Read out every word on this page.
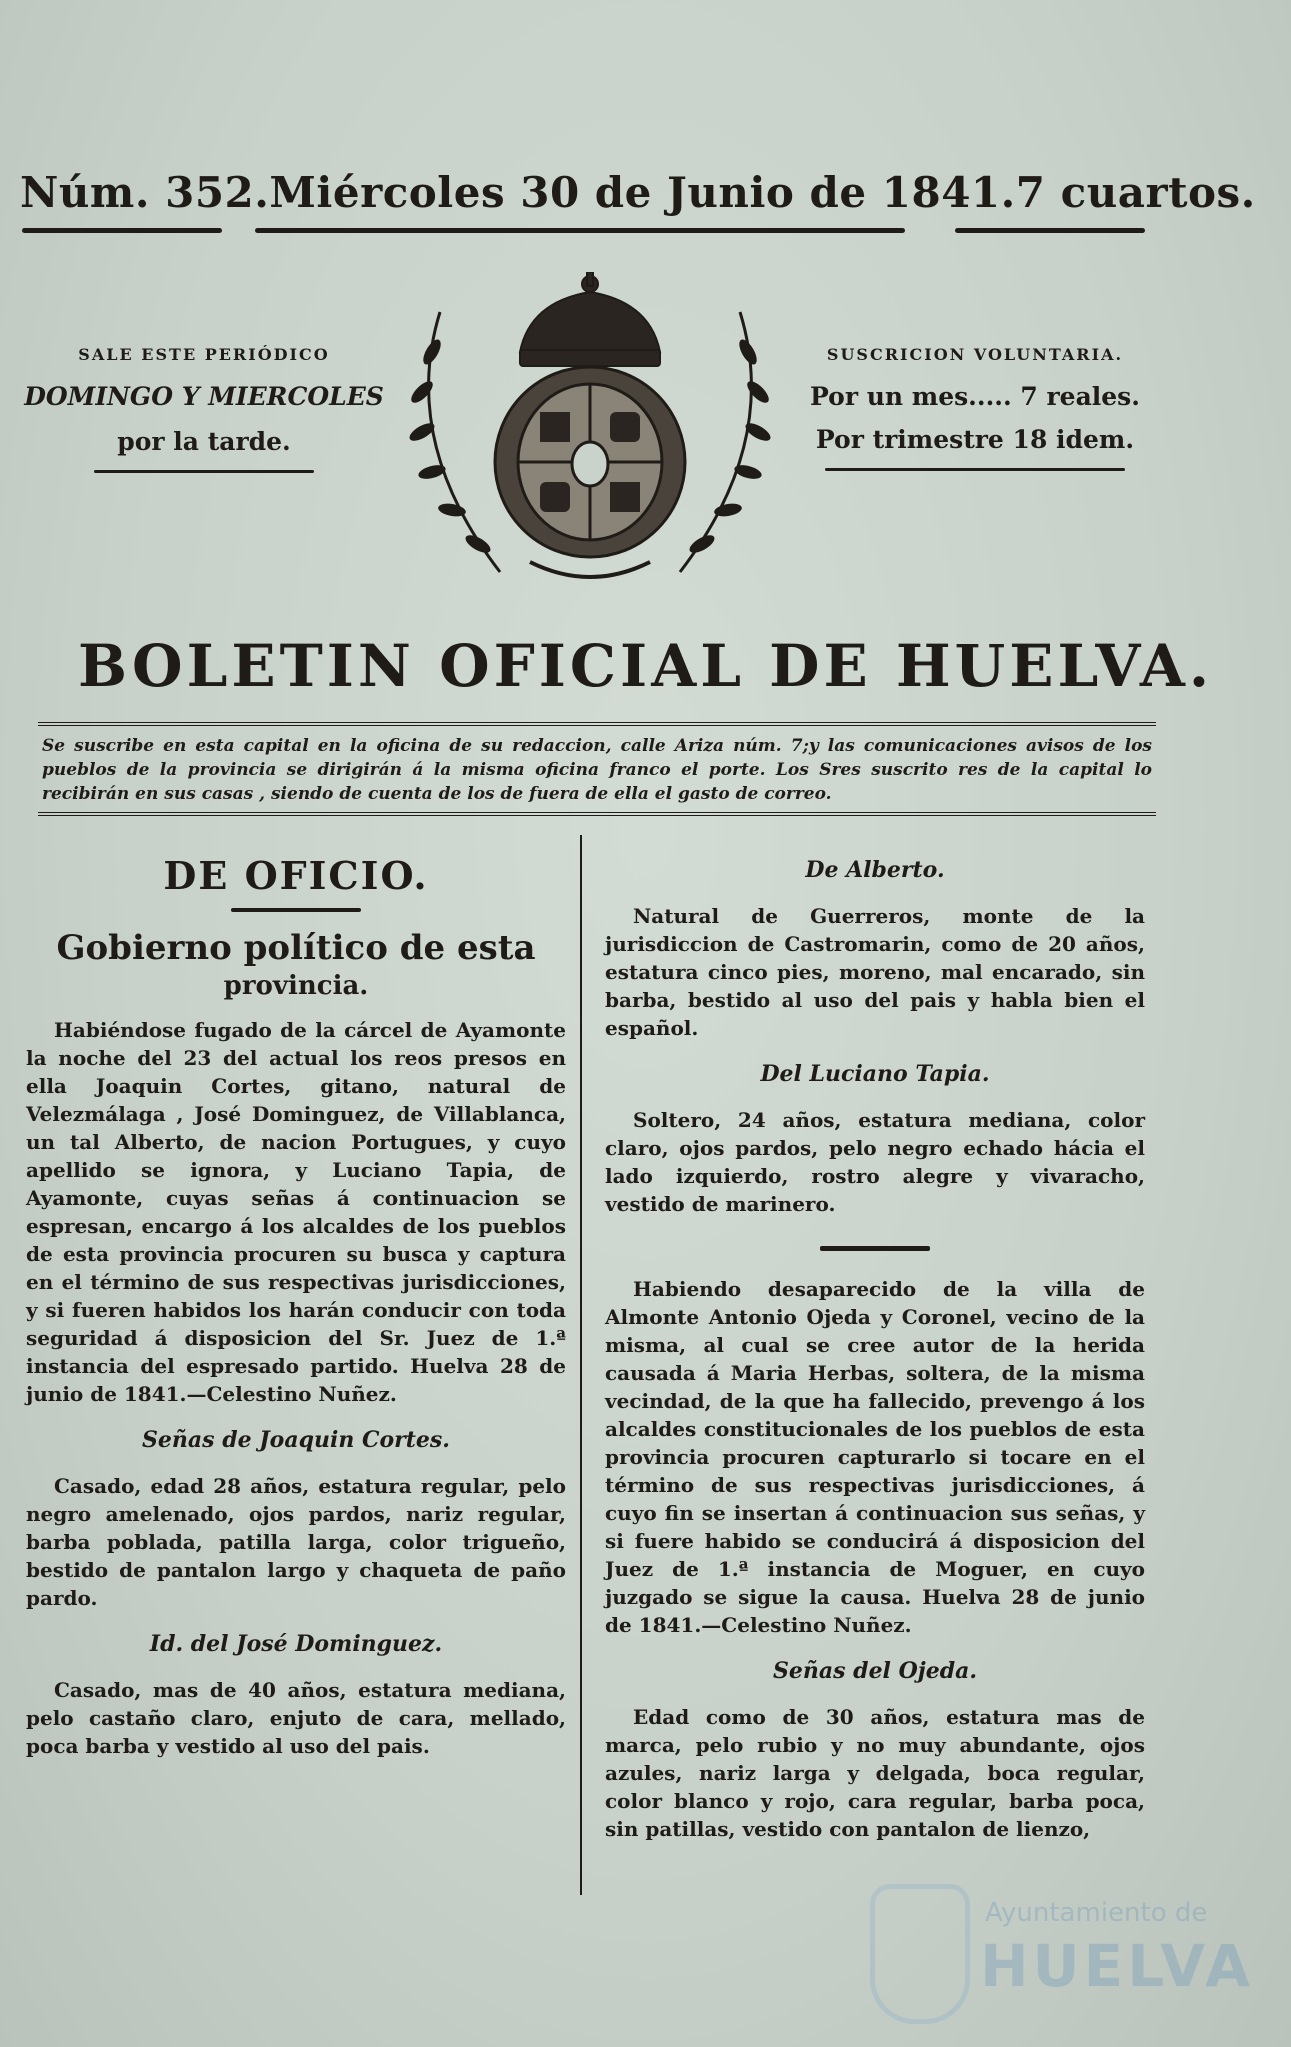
Núm. 352. Miércoles 30 de Junio de 1841. 7 cuartos.
SALE ESTE PERIÓDICO
DOMINGO Y MIERCOLES
por la tarde.
SUSCRICION VOLUNTARIA.
Por un mes..... 7 reales.
Por trimestre 18 idem.
BOLETIN OFICIAL DE HUELVA.
Se suscribe en esta capital en la oficina de su redaccion, calle Ariza núm. 7;y las comunicaciones avisos de los pueblos de la provincia se dirigirán á la misma oficina franco el porte. Los Sres suscrito res de la capital lo recibirán en sus casas , siendo de cuenta de los de fuera de ella el gasto de correo.
DE OFICIO.
Gobierno político de esta
provincia.

Habiéndose fugado de la cárcel de Ayamonte la noche del 23 del actual los reos presos en ella Joaquin Cortes, gitano, natural de Velezmálaga , José Dominguez, de Villablanca, un tal Alberto, de nacion Portugues, y cuyo apellido se ignora, y Luciano Tapia, de Ayamonte, cuyas señas á continuacion se espresan, encargo á los alcaldes de los pueblos de esta provincia procuren su busca y captura en el término de sus respectivas jurisdicciones, y si fueren habidos los harán conducir con toda seguridad á disposicion del Sr. Juez de 1.ª instancia del espresado partido. Huelva 28 de junio de 1841.—Celestino Nuñez.

Señas de Joaquin Cortes.

Casado, edad 28 años, estatura regular, pelo negro amelenado, ojos pardos, nariz regular, barba poblada, patilla larga, color trigueño, bestido de pantalon largo y chaqueta de paño pardo.

Id. del José Dominguez.

Casado, mas de 40 años, estatura mediana, pelo castaño claro, enjuto de cara, mellado, poca barba y vestido al uso del pais.

De Alberto.

Natural de Guerreros, monte de la jurisdiccion de Castromarin, como de 20 años, estatura cinco pies, moreno, mal encarado, sin barba, bestido al uso del pais y habla bien el español.

Del Luciano Tapia.

Soltero, 24 años, estatura mediana, color claro, ojos pardos, pelo negro echado hácia el lado izquierdo, rostro alegre y vivaracho, vestido de marinero.

Habiendo desaparecido de la villa de Almonte Antonio Ojeda y Coronel, vecino de la misma, al cual se cree autor de la herida causada á Maria Herbas, soltera, de la misma vecindad, de la que ha fallecido, prevengo á los alcaldes constitucionales de los pueblos de esta provincia procuren capturarlo si tocare en el término de sus respectivas jurisdicciones, á cuyo fin se insertan á continuacion sus señas, y si fuere habido se conducirá á disposicion del Juez de 1.ª instancia de Moguer, en cuyo juzgado se sigue la causa. Huelva 28 de junio de 1841.—Celestino Nuñez.

Señas del Ojeda.

Edad como de 30 años, estatura mas de marca, pelo rubio y no muy abundante, ojos azules, nariz larga y delgada, boca regular, color blanco y rojo, cara regular, barba poca, sin patillas, vestido con pantalon de lienzo,

Ayuntamiento de
HUELVA
